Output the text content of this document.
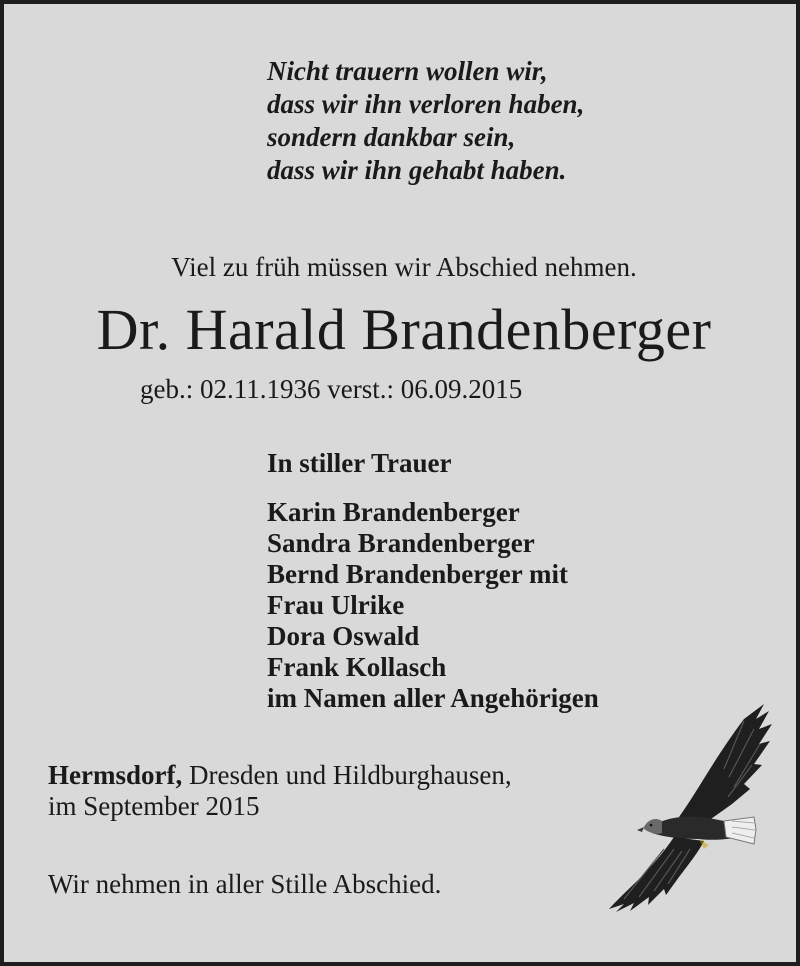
Nicht trauern wollen wir,
dass wir ihn verloren haben,
sondern dankbar sein,
dass wir ihn gehabt haben.
Viel zu früh müssen wir Abschied nehmen.
Dr. Harald Brandenberger
geb.: 02.11.1936 verst.: 06.09.2015
In stiller Trauer
Karin Brandenberger
Sandra Brandenberger
Bernd Brandenberger mit
Frau Ulrike
Dora Oswald
Frank Kollasch
im Namen aller Angehörigen
Hermsdorf, Dresden und Hildburghausen,
im September 2015
Wir nehmen in aller Stille Abschied.
